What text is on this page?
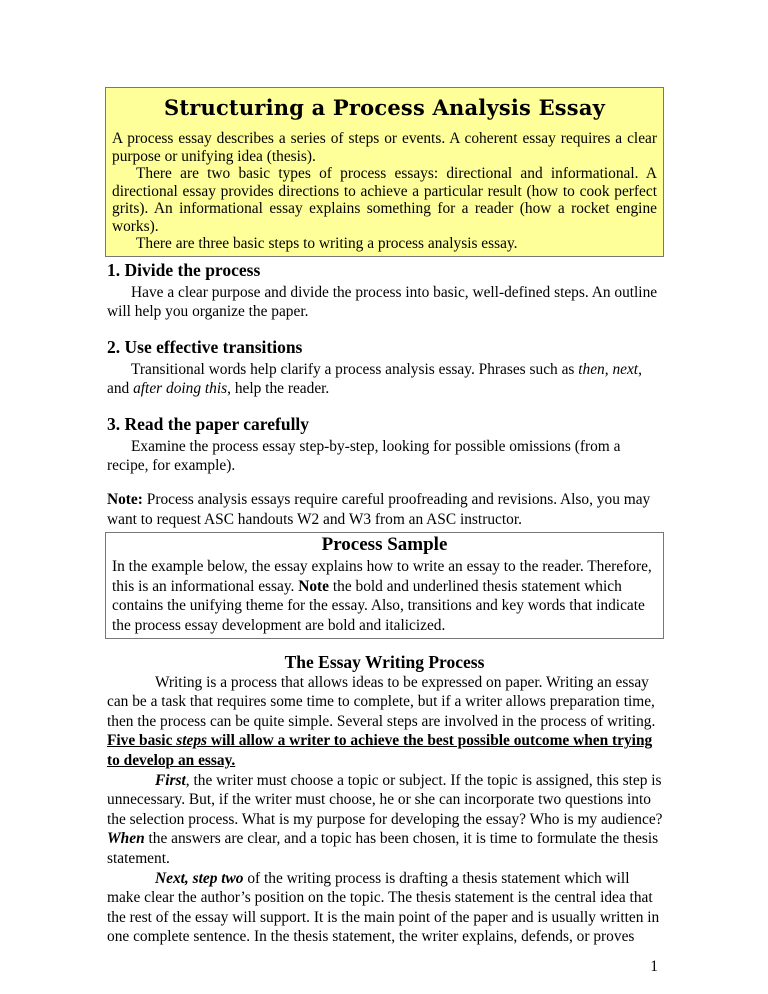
Structuring a Process Analysis Essay

A process essay describes a series of steps or events. A coherent essay requires a clear purpose or unifying idea (thesis).

There are two basic types of process essays: directional and informational. A directional essay provides directions to achieve a particular result (how to cook perfect grits). An informational essay explains something for a reader (how a rocket engine works).

There are three basic steps to writing a process analysis essay.

1. Divide the process

Have a clear purpose and divide the process into basic, well-defined steps. An outline will help you organize the paper.

2. Use effective transitions

Transitional words help clarify a process analysis essay. Phrases such as then, next, and after doing this, help the reader.

3. Read the paper carefully

Examine the process essay step-by-step, looking for possible omissions (from a recipe, for example).

Note: Process analysis essays require careful proofreading and revisions. Also, you may want to request ASC handouts W2 and W3 from an ASC instructor.

Process Sample

In the example below, the essay explains how to write an essay to the reader. Therefore, this is an informational essay. Note the bold and underlined thesis statement which contains the unifying theme for the essay. Also, transitions and key words that indicate the process essay development are bold and italicized.

The Essay Writing Process

Writing is a process that allows ideas to be expressed on paper. Writing an essay can be a task that requires some time to complete, but if a writer allows preparation time, then the process can be quite simple. Several steps are involved in the process of writing. Five basic steps will allow a writer to achieve the best possible outcome when trying to develop an essay.

First, the writer must choose a topic or subject. If the topic is assigned, this step is unnecessary. But, if the writer must choose, he or she can incorporate two questions into the selection process. What is my purpose for developing the essay? Who is my audience? When the answers are clear, and a topic has been chosen, it is time to formulate the thesis statement.

Next, step two of the writing process is drafting a thesis statement which will make clear the author’s position on the topic. The thesis statement is the central idea that the rest of the essay will support. It is the main point of the paper and is usually written in one complete sentence. In the thesis statement, the writer explains, defends, or proves

1
